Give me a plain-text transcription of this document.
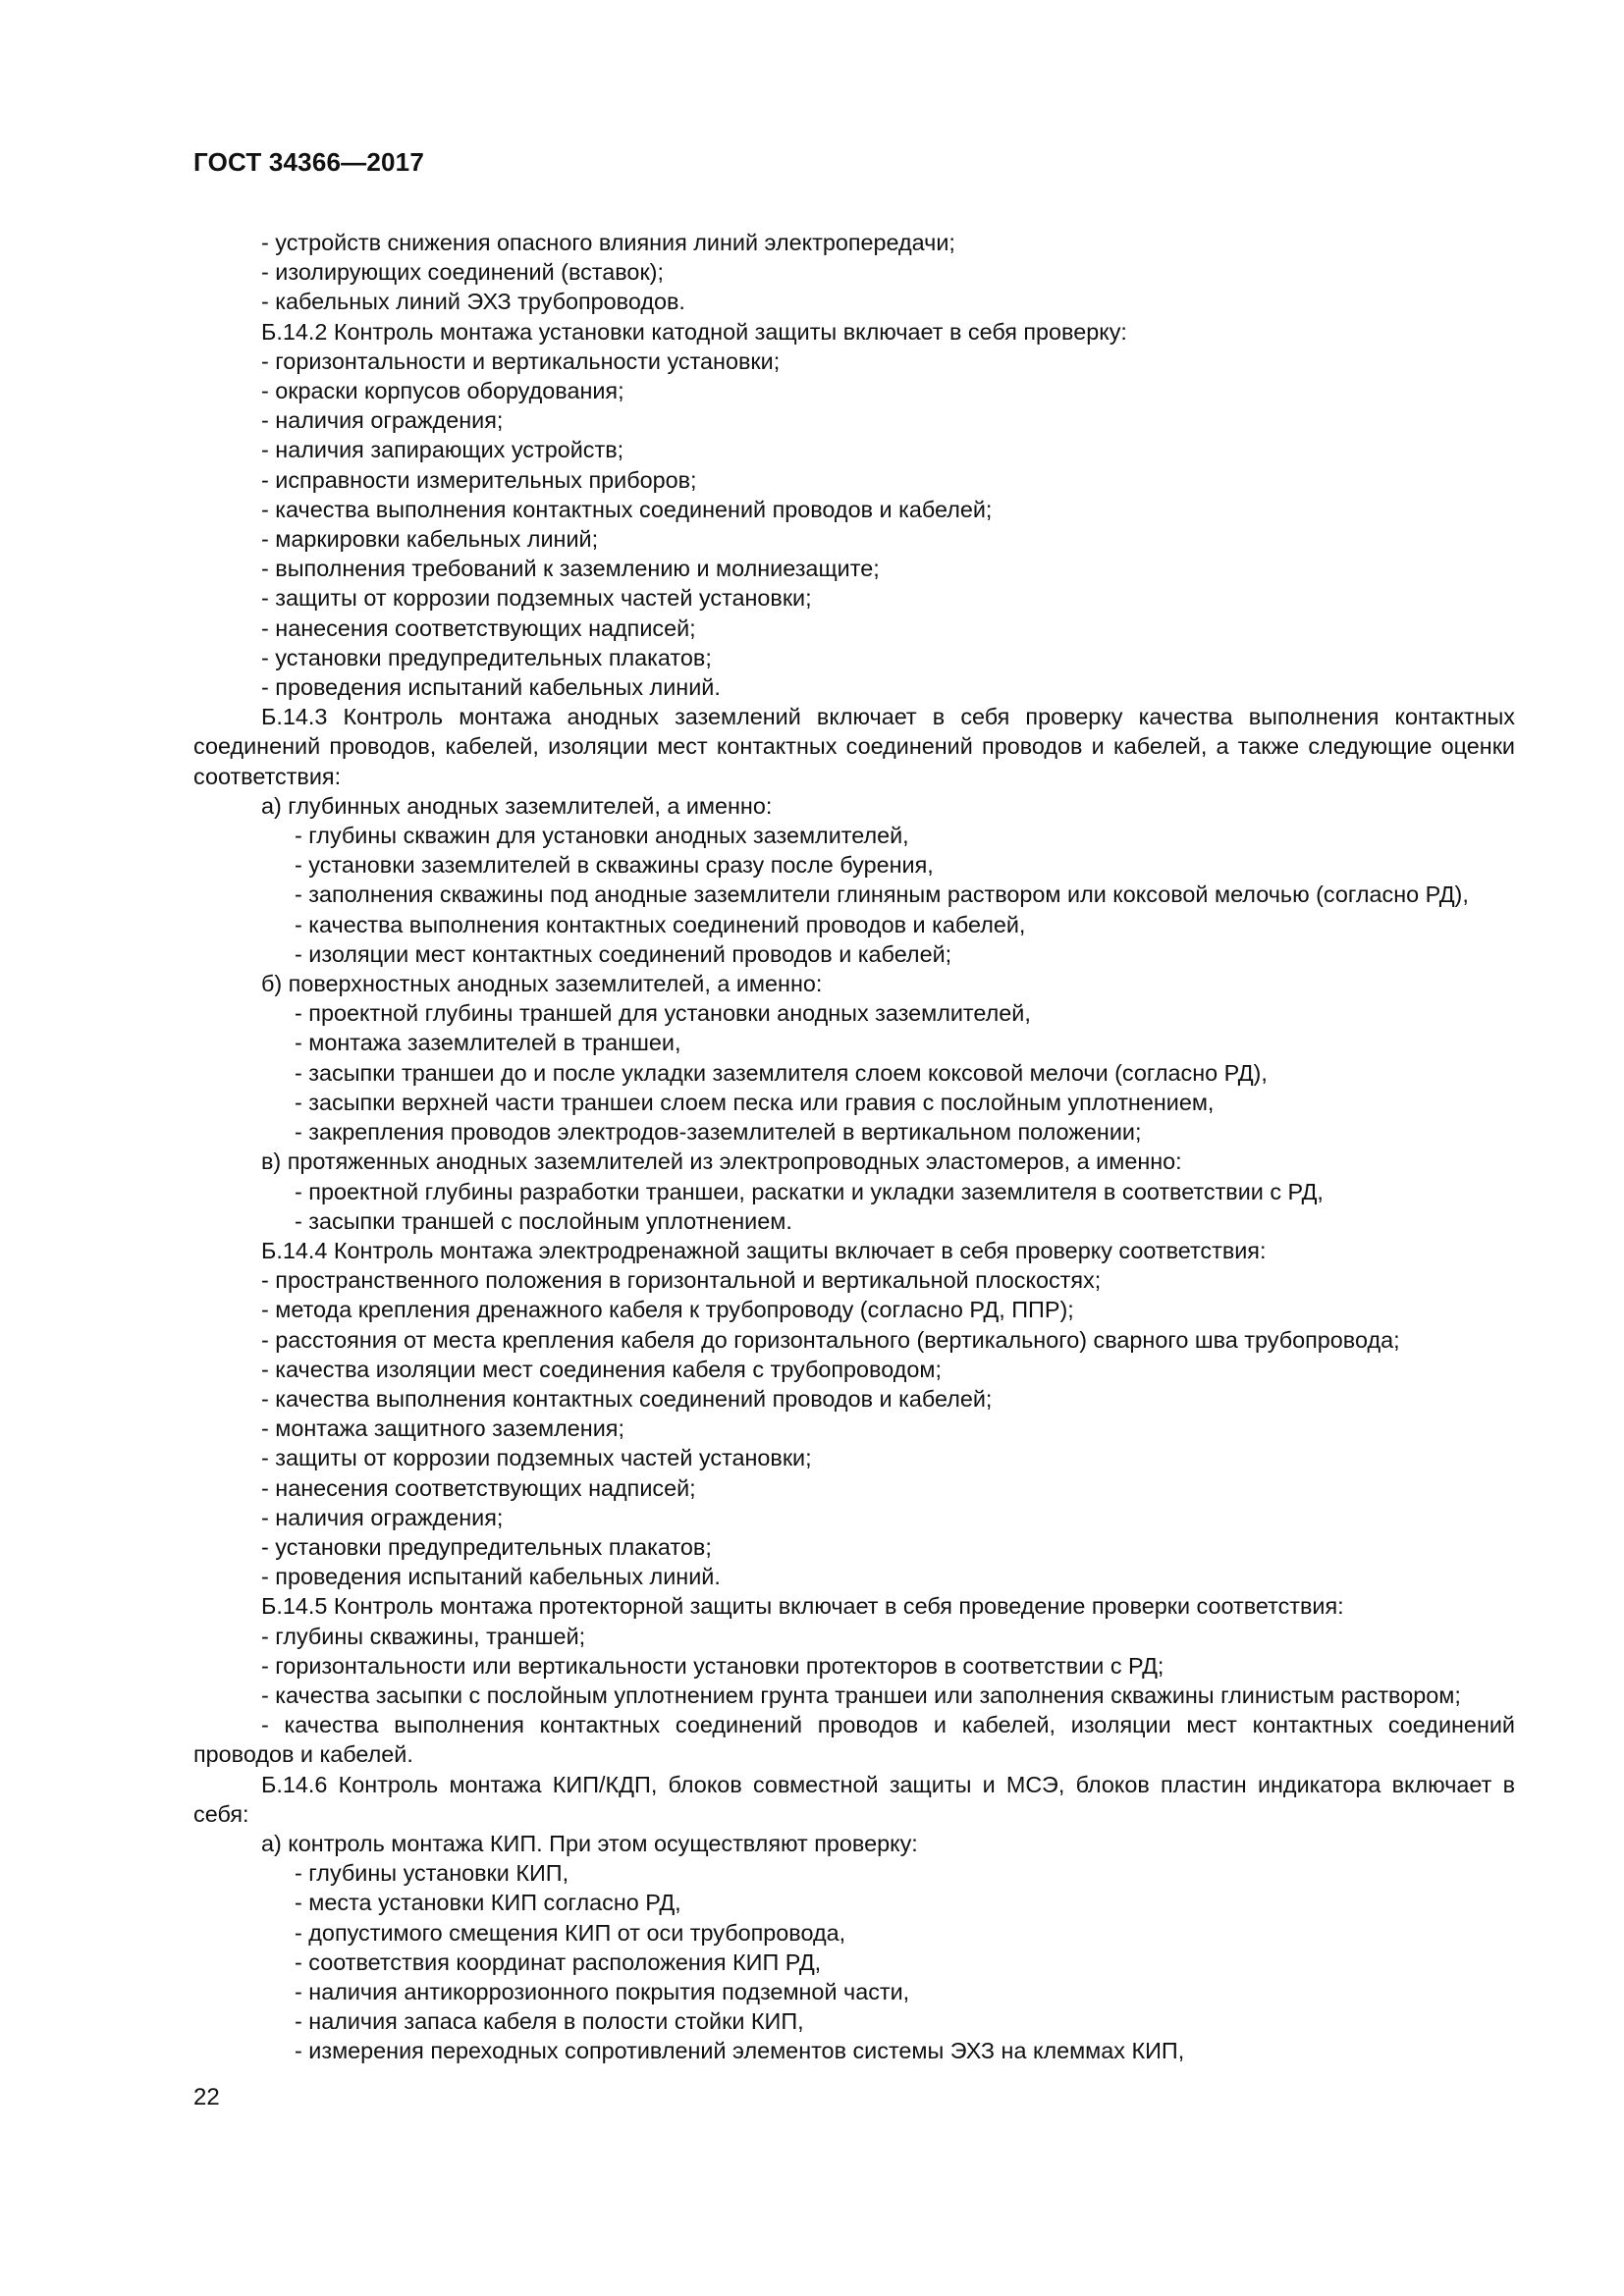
ГОСТ 34366—2017
- устройств снижения опасного влияния линий электропередачи;
- изолирующих соединений (вставок);
- кабельных линий ЭХЗ трубопроводов.
Б.14.2 Контроль монтажа установки катодной защиты включает в себя проверку:
- горизонтальности и вертикальности установки;
- окраски корпусов оборудования;
- наличия ограждения;
- наличия запирающих устройств;
- исправности измерительных приборов;
- качества выполнения контактных соединений проводов и кабелей;
- маркировки кабельных линий;
- выполнения требований к заземлению и молниезащите;
- защиты от коррозии подземных частей установки;
- нанесения соответствующих надписей;
- установки предупредительных плакатов;
- проведения испытаний кабельных линий.
Б.14.3 Контроль монтажа анодных заземлений включает в себя проверку качества выполнения контактных соединений проводов, кабелей, изоляции мест контактных соединений проводов и кабелей, а также следующие оценки соответствия:
а) глубинных анодных заземлителей, а именно:
- глубины скважин для установки анодных заземлителей,
- установки заземлителей в скважины сразу после бурения,
- заполнения скважины под анодные заземлители глиняным раствором или коксовой мелочью (согласно РД),
- качества выполнения контактных соединений проводов и кабелей,
- изоляции мест контактных соединений проводов и кабелей;
б) поверхностных анодных заземлителей, а именно:
- проектной глубины траншей для установки анодных заземлителей,
- монтажа заземлителей в траншеи,
- засыпки траншеи до и после укладки заземлителя слоем коксовой мелочи (согласно РД),
- засыпки верхней части траншеи слоем песка или гравия с послойным уплотнением,
- закрепления проводов электродов-заземлителей в вертикальном положении;
в) протяженных анодных заземлителей из электропроводных эластомеров, а именно:
- проектной глубины разработки траншеи, раскатки и укладки заземлителя в соответствии с РД,
- засыпки траншей с послойным уплотнением.
Б.14.4 Контроль монтажа электродренажной защиты включает в себя проверку соответствия:
- пространственного положения в горизонтальной и вертикальной плоскостях;
- метода крепления дренажного кабеля к трубопроводу (согласно РД, ППР);
- расстояния от места крепления кабеля до горизонтального (вертикального) сварного шва трубопровода;
- качества изоляции мест соединения кабеля с трубопроводом;
- качества выполнения контактных соединений проводов и кабелей;
- монтажа защитного заземления;
- защиты от коррозии подземных частей установки;
- нанесения соответствующих надписей;
- наличия ограждения;
- установки предупредительных плакатов;
- проведения испытаний кабельных линий.
Б.14.5 Контроль монтажа протекторной защиты включает в себя проведение проверки соответствия:
- глубины скважины, траншей;
- горизонтальности или вертикальности установки протекторов в соответствии с РД;
- качества засыпки с послойным уплотнением грунта траншеи или заполнения скважины глинистым раствором;
- качества выполнения контактных соединений проводов и кабелей, изоляции мест контактных соединений проводов и кабелей.
Б.14.6 Контроль монтажа КИП/КДП, блоков совместной защиты и МСЭ, блоков пластин индикатора включает в себя:
а) контроль монтажа КИП. При этом осуществляют проверку:
- глубины установки КИП,
- места установки КИП согласно РД,
- допустимого смещения КИП от оси трубопровода,
- соответствия координат расположения КИП РД,
- наличия антикоррозионного покрытия подземной части,
- наличия запаса кабеля в полости стойки КИП,
- измерения переходных сопротивлений элементов системы ЭХЗ на клеммах КИП,
22
